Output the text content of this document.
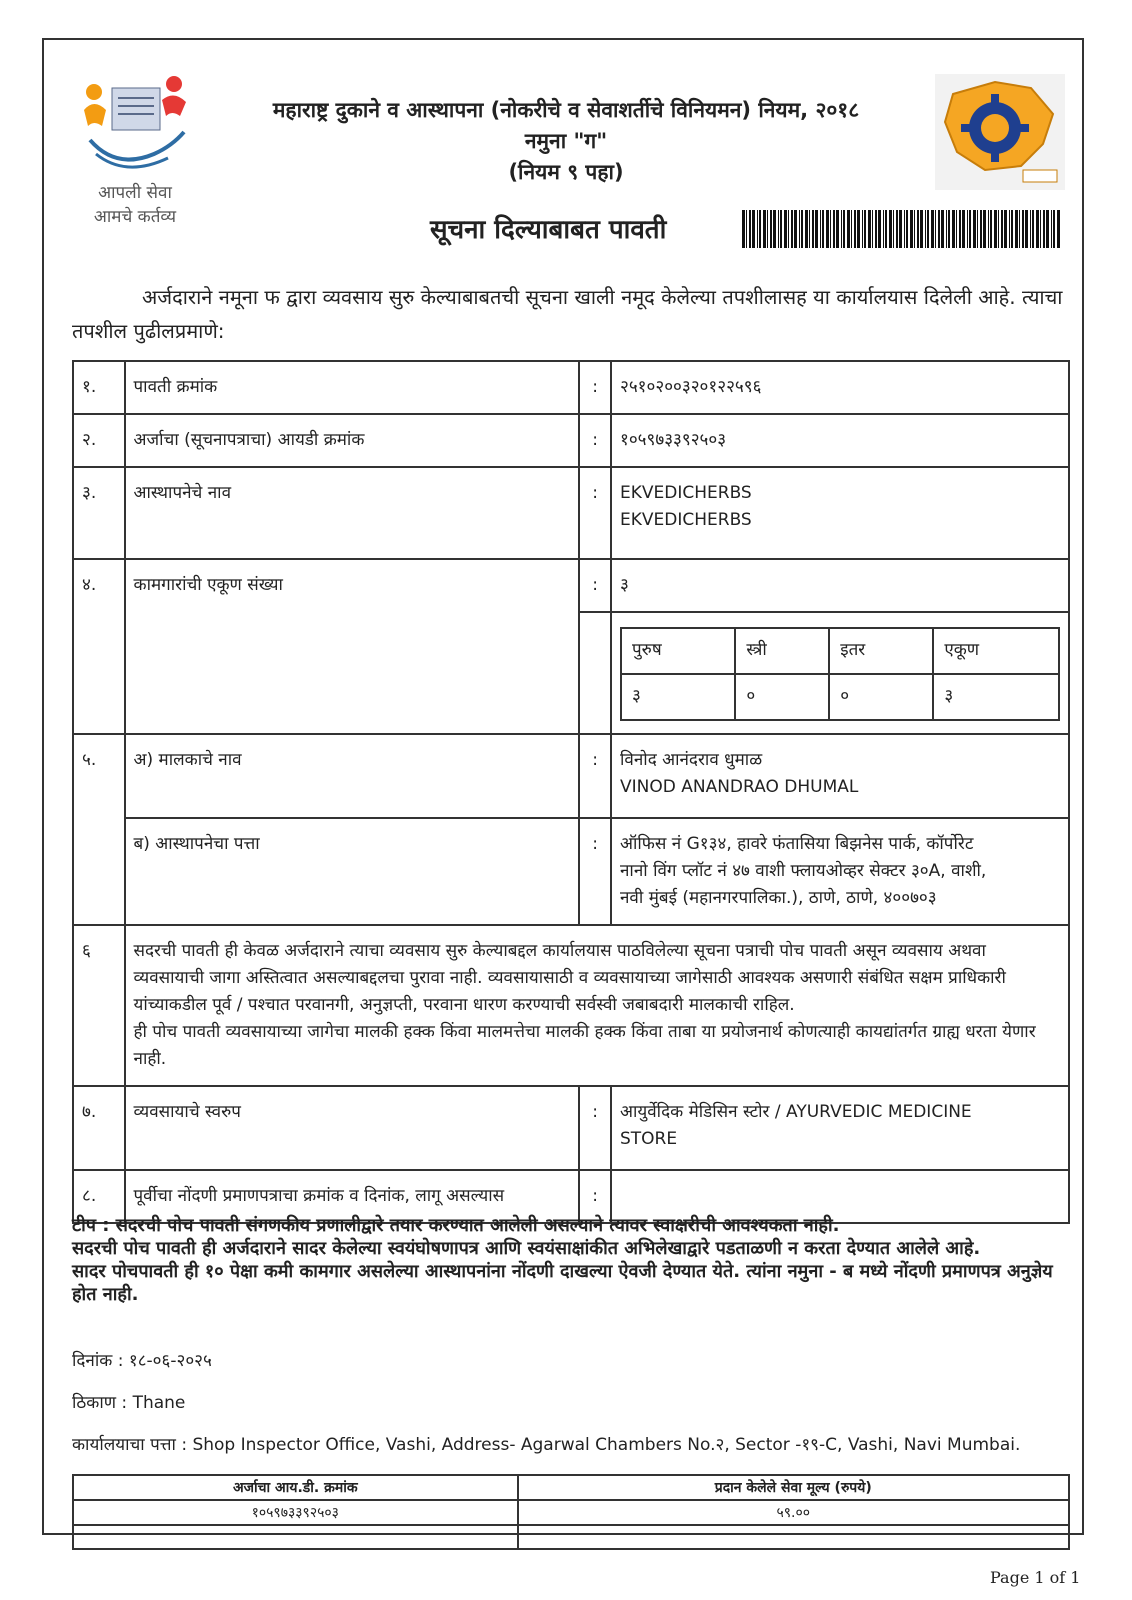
आपली सेवा
आमचे कर्तव्य
महाराष्ट्र दुकाने व आस्थापना (नोकरीचे व सेवाशर्तीचे विनियमन) नियम, २०१८
नमुना "ग"
(नियम ९ पहा)
सूचना दिल्याबाबत पावती
अर्जदाराने नमूना फ द्वारा व्यवसाय सुरु केल्याबाबतची सूचना खाली नमूद केलेल्या तपशीलासह या कार्यालयास दिलेली आहे. त्याचा तपशील पुढीलप्रमाणे:
१.	पावती क्रमांक	:	२५१०२००३२०१२२५९६
२.	अर्जाचा (सूचनापत्राचा) आयडी क्रमांक	:	१०५९७३३९२५०३
३.	आस्थापनेचे नाव	:	EKVEDICHERBS
EKVEDICHERBS

४.	कामगारांची एकूण संख्या	:	३

पुरुष	स्त्री	इतर	एकूण
३	०	०	३

५.	अ) मालकाचे नाव	:	विनोद आनंदराव धुमाळ
VINOD ANANDRAO DHUMAL

ब) आस्थापनेचा पत्ता	:	ऑफिस नं G१३४, हावरे फंतासिया बिझनेस पार्क, कॉर्पोरेट
नानो विंग प्लॉट नं ४७ वाशी फ्लायओव्हर सेक्टर ३०A, वाशी,
नवी मुंबई (महानगरपालिका.), ठाणे, ठाणे, ४००७०३

६	सदरची पावती ही केवळ अर्जदाराने त्याचा व्यवसाय सुरु केल्याबद्दल कार्यालयास पाठविलेल्या सूचना पत्राची पोच पावती असून व्यवसाय अथवा व्यवसायाची जागा अस्तित्वात असल्याबद्दलचा पुरावा नाही. व्यवसायासाठी व व्यवसायाच्या जागेसाठी आवश्यक असणारी संबंधित सक्षम प्राधिकारी यांच्याकडील पूर्व / पश्चात परवानगी, अनुज्ञप्ती, परवाना धारण करण्याची सर्वस्वी जबाबदारी मालकाची राहिल.
ही पोच पावती व्यवसायाच्या जागेचा मालकी हक्क किंवा मालमत्तेचा मालकी हक्क किंवा ताबा या प्रयोजनार्थ कोणत्याही कायद्यांतर्गत ग्राह्य धरता येणार नाही.

७.	व्यवसायाचे स्वरुप	:	आयुर्वेदिक मेडिसिन स्टोर / AYURVEDIC MEDICINE
STORE

८.	पूर्वीचा नोंदणी प्रमाणपत्राचा क्रमांक व दिनांक, लागू असल्यास	:	
टीप : सदरची पोच पावती संगणकीय प्रणालीद्वारे तयार करण्यात आलेली असल्याने त्यावर स्वाक्षरीची आवश्यकता नाही.
सदरची पोच पावती ही अर्जदाराने सादर केलेल्या स्वयंघोषणापत्र आणि स्वयंसाक्षांकीत अभिलेखाद्वारे पडताळणी न करता देण्यात आलेले आहे.
सादर पोचपावती ही १० पेक्षा कमी कामगार असलेल्या आस्थापनांना नोंदणी दाखल्या ऐवजी देण्यात येते. त्यांना नमुना - ब मध्ये नोंदणी प्रमाणपत्र अनुज्ञेय होत नाही.
दिनांक : १८-०६-२०२५
ठिकाण : Thane
कार्यालयाचा पत्ता : Shop Inspector Office, Vashi, Address- Agarwal Chambers No.२, Sector -१९-C, Vashi, Navi Mumbai.
अर्जाचा आय.डी. क्रमांक	प्रदान केलेले सेवा मूल्य (रुपये)
१०५९७३३९२५०३	५९.००

Page 1 of 1
